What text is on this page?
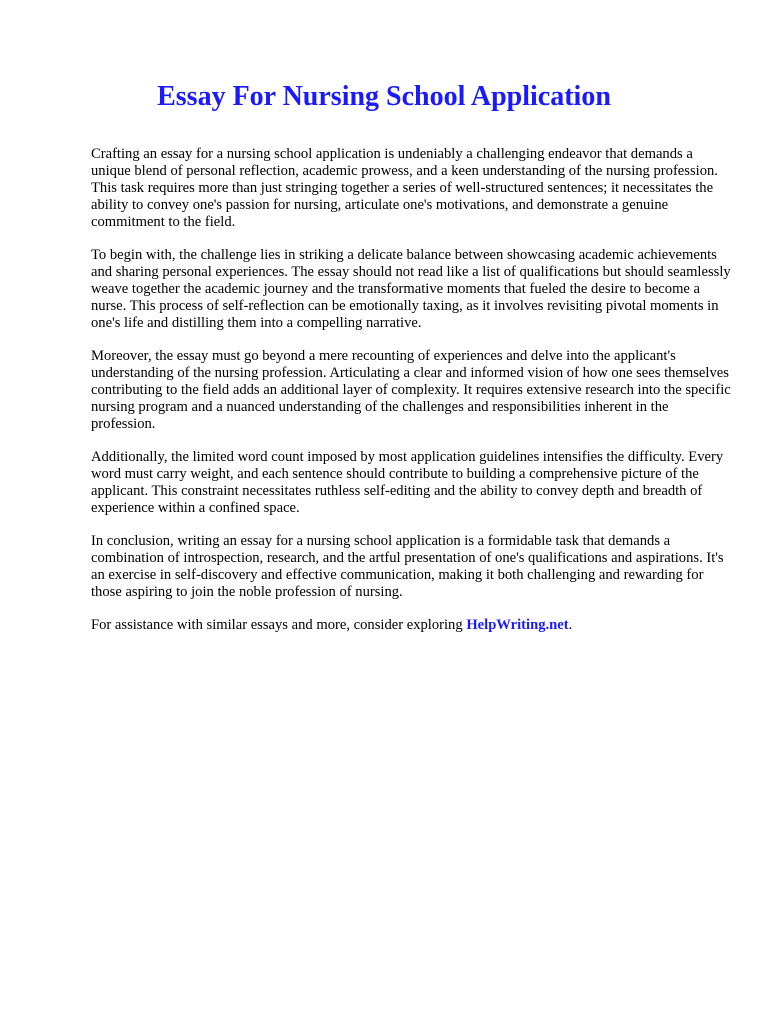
Essay For Nursing School Application

Crafting an essay for a nursing school application is undeniably a challenging endeavor that demands a unique blend of personal reflection, academic prowess, and a keen understanding of the nursing profession. This task requires more than just stringing together a series of well-structured sentences; it necessitates the ability to convey one's passion for nursing, articulate one's motivations, and demonstrate a genuine commitment to the field.

To begin with, the challenge lies in striking a delicate balance between showcasing academic achievements and sharing personal experiences. The essay should not read like a list of qualifications but should seamlessly weave together the academic journey and the transformative moments that fueled the desire to become a nurse. This process of self-reflection can be emotionally taxing, as it involves revisiting pivotal moments in one's life and distilling them into a compelling narrative.

Moreover, the essay must go beyond a mere recounting of experiences and delve into the applicant's understanding of the nursing profession. Articulating a clear and informed vision of how one sees themselves contributing to the field adds an additional layer of complexity. It requires extensive research into the specific nursing program and a nuanced understanding of the challenges and responsibilities inherent in the profession.

Additionally, the limited word count imposed by most application guidelines intensifies the difficulty. Every word must carry weight, and each sentence should contribute to building a comprehensive picture of the applicant. This constraint necessitates ruthless self-editing and the ability to convey depth and breadth of experience within a confined space.

In conclusion, writing an essay for a nursing school application is a formidable task that demands a combination of introspection, research, and the artful presentation of one's qualifications and aspirations. It's an exercise in self-discovery and effective communication, making it both challenging and rewarding for those aspiring to join the noble profession of nursing.

For assistance with similar essays and more, consider exploring HelpWriting.net.
